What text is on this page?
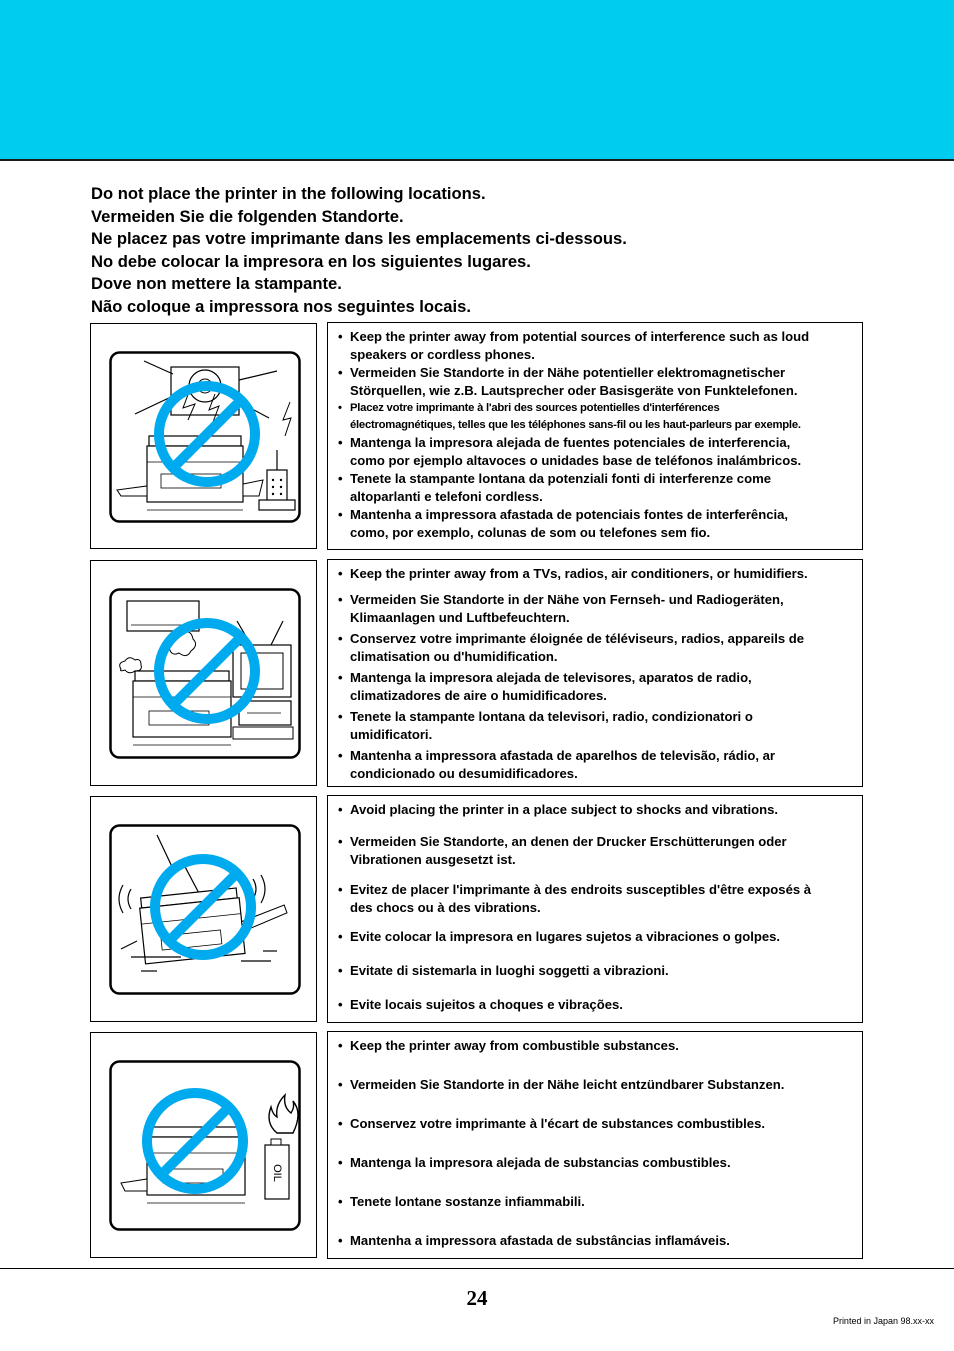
Do not place the printer in the following locations.
Vermeiden Sie die folgenden Standorte.
Ne placez pas votre imprimante dans les emplacements ci-dessous.
No debe colocar la impresora en los siguientes lugares.
Dove non mettere la stampante.
Não coloque a impressora nos seguintes locais.
• Keep the printer away from potential sources of interference such as loud
speakers or cordless phones.
• Vermeiden Sie Standorte in der Nähe potentieller elektromagnetischer
Störquellen, wie z.B. Lautsprecher oder Basisgeräte von Funktelefonen.
• Placez votre imprimante à l'abri des sources potentielles d'interférences
électromagnétiques, telles que les téléphones sans-fil ou les haut-parleurs par exemple.
• Mantenga la impresora alejada de fuentes potenciales de interferencia,
como por ejemplo altavoces o unidades base de teléfonos inalámbricos.
• Tenete la stampante lontana da potenziali fonti di interferenze come
altoparlanti e telefoni cordless.
• Mantenha a impressora afastada de potenciais fontes de interferência,
como, por exemplo, colunas de som ou telefones sem fio.
• Keep the printer away from a TVs, radios, air conditioners, or humidifiers.
• Vermeiden Sie Standorte in der Nähe von Fernseh- und Radiogeräten,
Klimaanlagen und Luftbefeuchtern.
• Conservez votre imprimante éloignée de téléviseurs, radios, appareils de
climatisation ou d'humidification.
• Mantenga la impresora alejada de televisores, aparatos de radio,
climatizadores de aire o humidificadores.
• Tenete la stampante lontana da televisori, radio, condizionatori o
umidificatori.
• Mantenha a impressora afastada de aparelhos de televisão, rádio, ar
condicionado ou desumidificadores.
• Avoid placing the printer in a place subject to shocks and vibrations.
• Vermeiden Sie Standorte, an denen der Drucker Erschütterungen oder
Vibrationen ausgesetzt ist.
• Evitez de placer l'imprimante à des endroits susceptibles d'être exposés à
des chocs ou à des vibrations.
• Evite colocar la impresora en lugares sujetos a vibraciones o golpes.
• Evitate di sistemarla in luoghi soggetti a vibrazioni.
• Evite locais sujeitos a choques e vibrações.
OIL
• Keep the printer away from combustible substances.
• Vermeiden Sie Standorte in der Nähe leicht entzündbarer Substanzen.
• Conservez votre imprimante à l'écart de substances combustibles.
• Mantenga la impresora alejada de substancias combustibles.
• Tenete lontane sostanze infiammabili.
• Mantenha a impressora afastada de substâncias inflamáveis.
24
Printed in Japan 98.xx-xx
